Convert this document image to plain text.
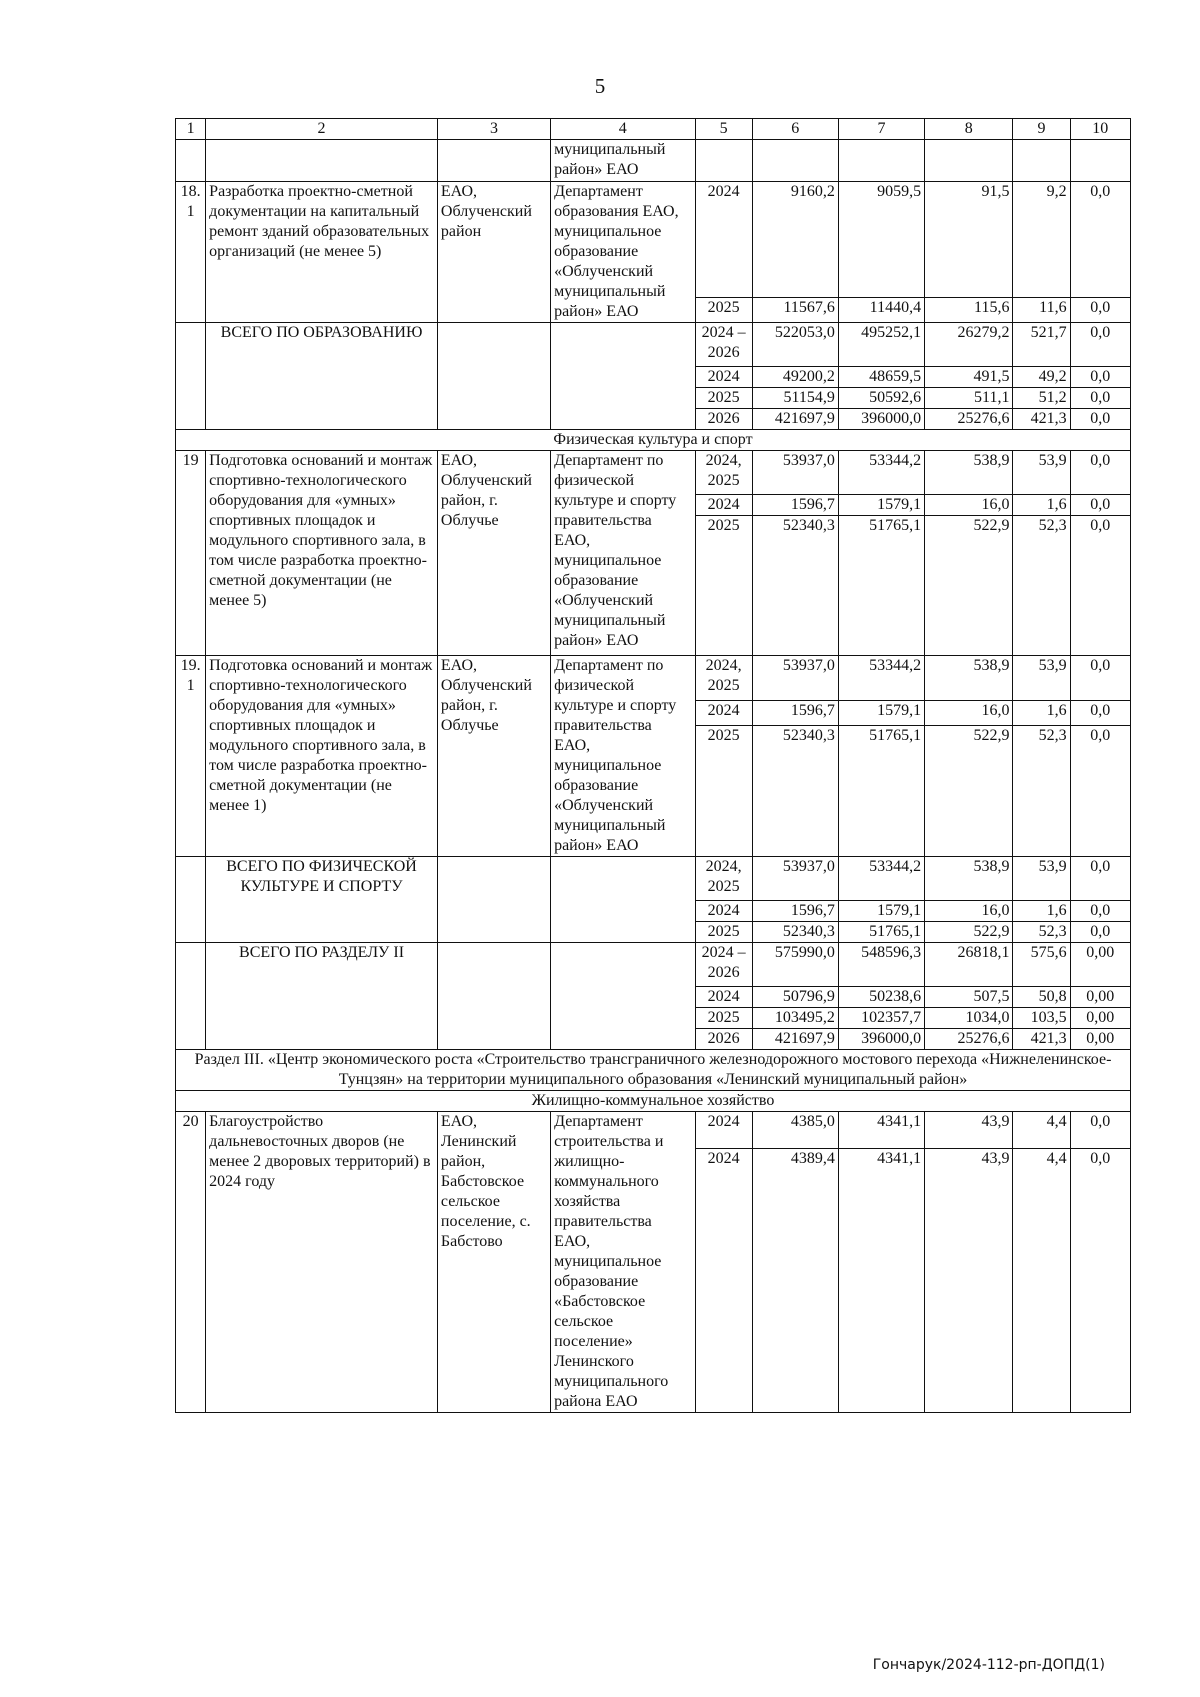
5
1	2	3	4	5	6	7	8	9	10
			муниципальный район» ЕАО						
18. 1	Разработка проектно-сметной документации на капитальный ремонт зданий образовательных организаций (не менее 5)	ЕАО, Облученский район	Департамент образования ЕАО, муниципальное образование «Облученский муниципальный район» ЕАО	2024	9160,2	9059,5	91,5	9,2	0,0
				2025	11567,6	11440,4	115,6	11,6	0,0
	ВСЕГО ПО ОБРАЗОВАНИЮ			2024 – 2026	522053,0	495252,1	26279,2	521,7	0,0
				2024	49200,2	48659,5	491,5	49,2	0,0
				2025	51154,9	50592,6	511,1	51,2	0,0
				2026	421697,9	396000,0	25276,6	421,3	0,0
Физическая культура и спорт									
19	Подготовка оснований и монтаж спортивно-технологического оборудования для «умных» спортивных площадок и модульного спортивного зала, в том числе разработка проектно-сметной документации (не менее 5)	ЕАО, Облученский район, г. Облучье	Департамент по физической культуре и спорту правительства ЕАО, муниципальное образование «Облученский муниципальный район» ЕАО	2024, 2025	53937,0	53344,2	538,9	53,9	0,0
				2024	1596,7	1579,1	16,0	1,6	0,0
				2025	52340,3	51765,1	522,9	52,3	0,0
19. 1	Подготовка оснований и монтаж спортивно-технологического оборудования для «умных» спортивных площадок и модульного спортивного зала, в том числе разработка проектно-сметной документации (не менее 1)	ЕАО, Облученский район, г. Облучье	Департамент по физической культуре и спорту правительства ЕАО, муниципальное образование «Облученский муниципальный район» ЕАО	2024, 2025	53937,0	53344,2	538,9	53,9	0,0
				2024	1596,7	1579,1	16,0	1,6	0,0
				2025	52340,3	51765,1	522,9	52,3	0,0
	ВСЕГО ПО ФИЗИЧЕСКОЙ КУЛЬТУРЕ И СПОРТУ			2024, 2025	53937,0	53344,2	538,9	53,9	0,0
				2024	1596,7	1579,1	16,0	1,6	0,0
				2025	52340,3	51765,1	522,9	52,3	0,0
	ВСЕГО ПО РАЗДЕЛУ II			2024 – 2026	575990,0	548596,3	26818,1	575,6	0,00
				2024	50796,9	50238,6	507,5	50,8	0,00
				2025	103495,2	102357,7	1034,0	103,5	0,00
				2026	421697,9	396000,0	25276,6	421,3	0,00
Раздел III. «Центр экономического роста «Строительство трансграничного железнодорожного мостового перехода «Нижнеленинское-Тунцзян» на территории муниципального образования «Ленинский муниципальный район»									
Жилищно-коммунальное хозяйство									
20	Благоустройство дальневосточных дворов (не менее 2 дворовых территорий) в 2024 году	ЕАО, Ленинский район, Бабстовское сельское поселение, с. Бабстово	Департамент строительства и жилищно-коммунального хозяйства правительства ЕАО, муниципальное образование «Бабстовское сельское поселение» Ленинского муниципального района ЕАО	2024	4385,0	4341,1	43,9	4,4	0,0
				2024	4389,4	4341,1	43,9	4,4	0,0
Гончарук/2024-112-рп-ДОПД(1)
